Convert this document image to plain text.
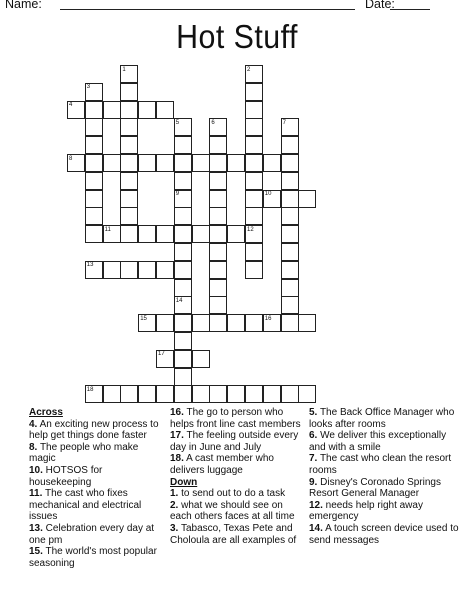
Name:	Date:
Hot Stuff
1	2
3
4
5	6	7
8
9	10
11	12
13
14
15	16
17
18
Across
4. An exciting new process to help get things done faster
8. The people who make magic
10. HOTSOS for housekeeping
11. The cast who fixes mechanical and electrical issues
13. Celebration every day at one pm
15. The world's most popular seasoning
16. The go to person who helps front line cast members
17. The feeling outside every day in June and July
18. A cast member who delivers luggage
Down
1. to send out to do a task
2. what we should see on each others faces at all time
3. Tabasco, Texas Pete and Choloula are all examples of
5. The Back Office Manager who looks after rooms
6. We deliver this exceptionally and with a smile
7. The cast who clean the resort rooms
9. Disney's Coronado Springs Resort General Manager
12. needs help right away emergency
14. A touch screen device used to send messages
